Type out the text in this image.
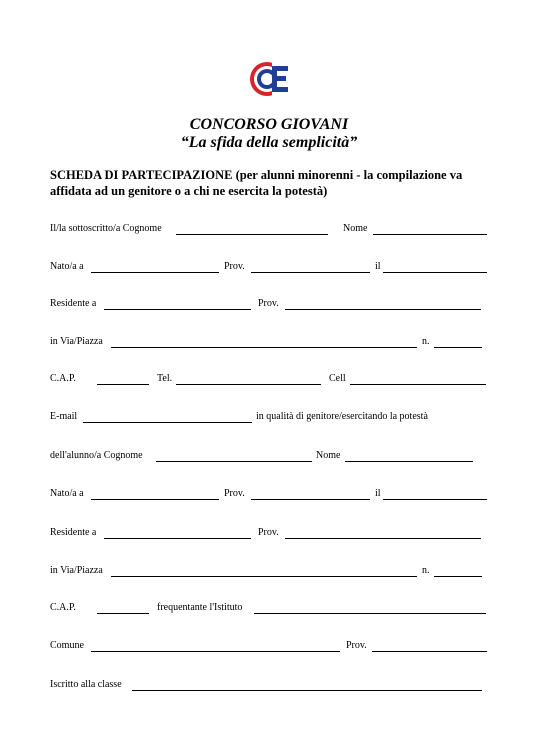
CONCORSO GIOVANI
“La sfida della semplicità”
SCHEDA DI PARTECIPAZIONE (per alunni minorenni - la compilazione va affidata ad un genitore o a chi ne esercita la potestà)
Il/la sottoscritto/a Cognome	Nome
Nato/a a	Prov.	il
Residente a	Prov.
in Via/Piazza	n.
C.A.P.	Tel.	Cell
E-mail	in qualità di genitore/esercitando la potestà
dell'alunno/a Cognome	Nome
Nato/a a	Prov.	il
Residente a	Prov.
in Via/Piazza	n.
C.A.P.	frequentante l'Istituto
Comune	Prov.
Iscritto alla classe
